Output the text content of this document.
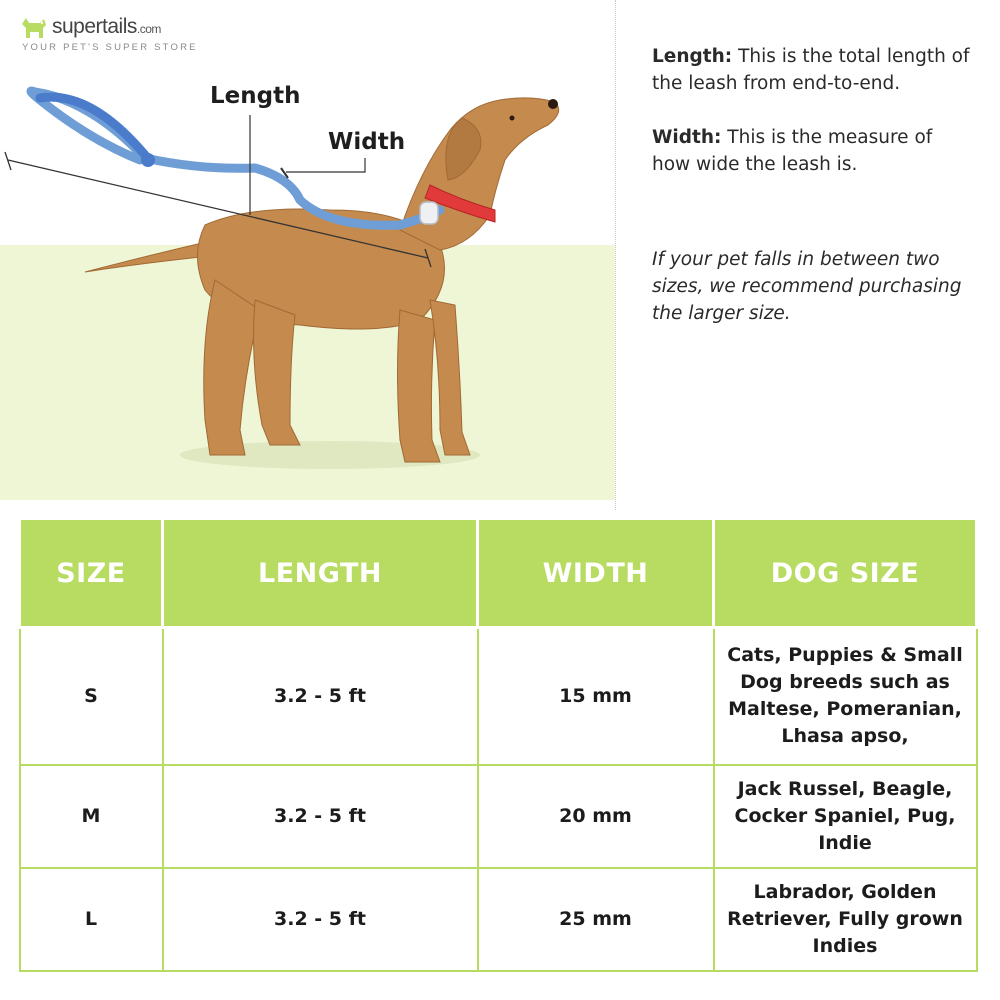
supertails.com
YOUR PET'S SUPER STORE
Length
Width
Length: This is the total length of the leash from end-to-end.
Width: This is the measure of how wide the leash is.
If your pet falls in between two sizes, we recommend purchasing the larger size.
SIZE	LENGTH	WIDTH	DOG SIZE
S	3.2 - 5 ft	15 mm	Cats, Puppies & Small Dog breeds such as Maltese, Pomeranian, Lhasa apso,
M	3.2 - 5 ft	20 mm	Jack Russel, Beagle, Cocker Spaniel, Pug, Indie
L	3.2 - 5 ft	25 mm	Labrador, Golden Retriever, Fully grown Indies
